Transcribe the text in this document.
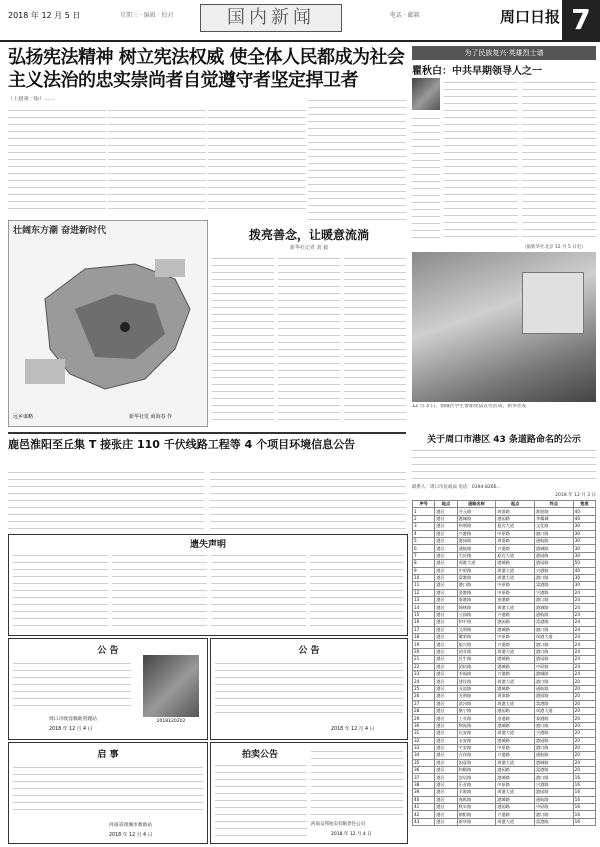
2018 年 12 月 5 日	星期三 · 编辑 · 校对	国内新闻	电话 · 邮箱	周口日报 7
弘扬宪法精神 树立宪法权威 使全体人民都成为社会主义法治的忠实崇尚者自觉遵守者坚定捍卫者
（上接第一版）……
壮阔东方潮 奋进新时代
远乡谋略	新华社发 商海春 作
拨亮善念，让暖意流淌
新华社记者 刘 毅
为了民族复兴·英雄烈士谱
瞿秋白：中共早期领导人之一
（据新华社北京 12 月 5 日电）
12 月 3 日，鼎城区学生参加宪法宣传活动。新华社发
关于周口市港区 43 条道路命名的公示
联系人：周口市民政局 电话：0394-8266...
2018 年 12 月 3 日
序号	地点	道路名称	起点	终点	宽度
1	港区	开元路	周淮路	淮阳路	40
2	港区	港城路	港园路	华耀城	40
3	港区	和谐路	迎宾大道	文化路	30
4	港区	兴港路	中原路	港口路	30
5	港区	港园路	周淮路	通航路	30
6	港区	通航路	兴港路	港城路	30
7	港区	大庆路	迎宾大道	港园路	30
8	港区	周港大道	港城路	港园路	50
9	港区	中原路	周港大道	兴港路	40
10	港区	富港路	周港大道	港口路	30
11	港区	港口路	中原路	富港路	30
12	港区	金港路	中原路	兴港路	24
13	港区	泰港路	金港路	港口路	24
14	港区	锦绣路	周港大道	港城路	24
15	港区	公园路	兴港路	通航路	24
16	港区	和平路	港园路	富港路	24
17	港区	文明路	港城路	港口路	24
18	港区	繁荣路	中原路	周港大道	24
19	港区	振兴路	兴港路	港口路	24
20	港区	创业路	周港大道	港口路	24
21	港区	民生路	港城路	港园路	24
22	港区	团结路	港城路	中原路	24
23	港区	幸福路	兴港路	港城路	24
24	港区	建设路	周港大道	港口路	20
25	港区	友谊路	港城路	通航路	20
26	港区	光明路	周淮路	港园路	20
27	港区	滨河路	周港大道	富港路	20
28	港区	康宁路	港园路	周港大道	20
29	港区	工业路	金港路	泰港路	20
30	港区	物流路	港城路	港口路	20
31	港区	长安路	周港大道	兴港路	20
32	港区	永安路	港城路	港园路	20
33	港区	平安路	中原路	港口路	20
34	港区	吉祥路	兴港路	通航路	20
35	港区	如意路	周港大道	港城路	20
36	港区	和顺路	港园路	富港路	20
37	港区	安居路	港城路	港口路	16
38	港区	乐业路	中原路	兴港路	16
39	港区	丰收路	周港大道	港园路	16
40	港区	春晖路	港城路	通航路	16
41	港区	秋实路	港园路	中原路	16
42	港区	朝阳路	兴港路	港口路	16
43	港区	新华路	周港大道	富港路	16
鹿邑淮阳至丘集 T 接张庄 110 千伏线路工程等 4 个项目环境信息公告
遗失声明
公 告
2018120202
周口市收容救助管理站
2018 年 12 月 4 日
公 告
2018 年 12 月 4 日
启 事
河南省项城市救助站
2018 年 12 月 4 日
拍卖公告
河南众邦拍卖有限责任公司
2018 年 12 月 4 日
